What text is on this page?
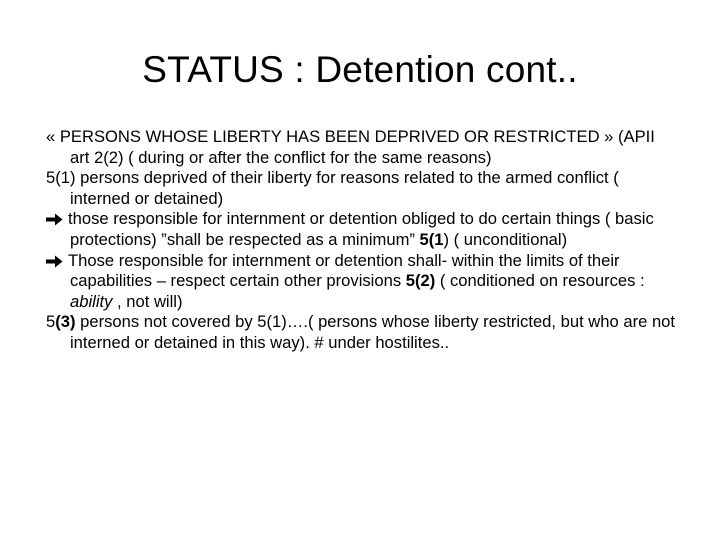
STATUS : Detention cont..

« PERSONS WHOSE LIBERTY HAS BEEN DEPRIVED OR RESTRICTED » (APII art 2(2) ( during or after the conflict for the same reasons)

5(1) persons deprived of their liberty for reasons related to the armed conflict ( interned or detained)

those responsible for internment or detention obliged to do certain things ( basic protections) ”shall be respected as a minimum” 5(1) ( unconditional)

Those responsible for internment or detention shall- within the limits of their capabilities – respect certain other provisions 5(2) ( conditioned on resources : ability , not will)

5(3) persons not covered by 5(1)….( persons whose liberty restricted, but who are not interned or detained in this way). # under hostilites..
